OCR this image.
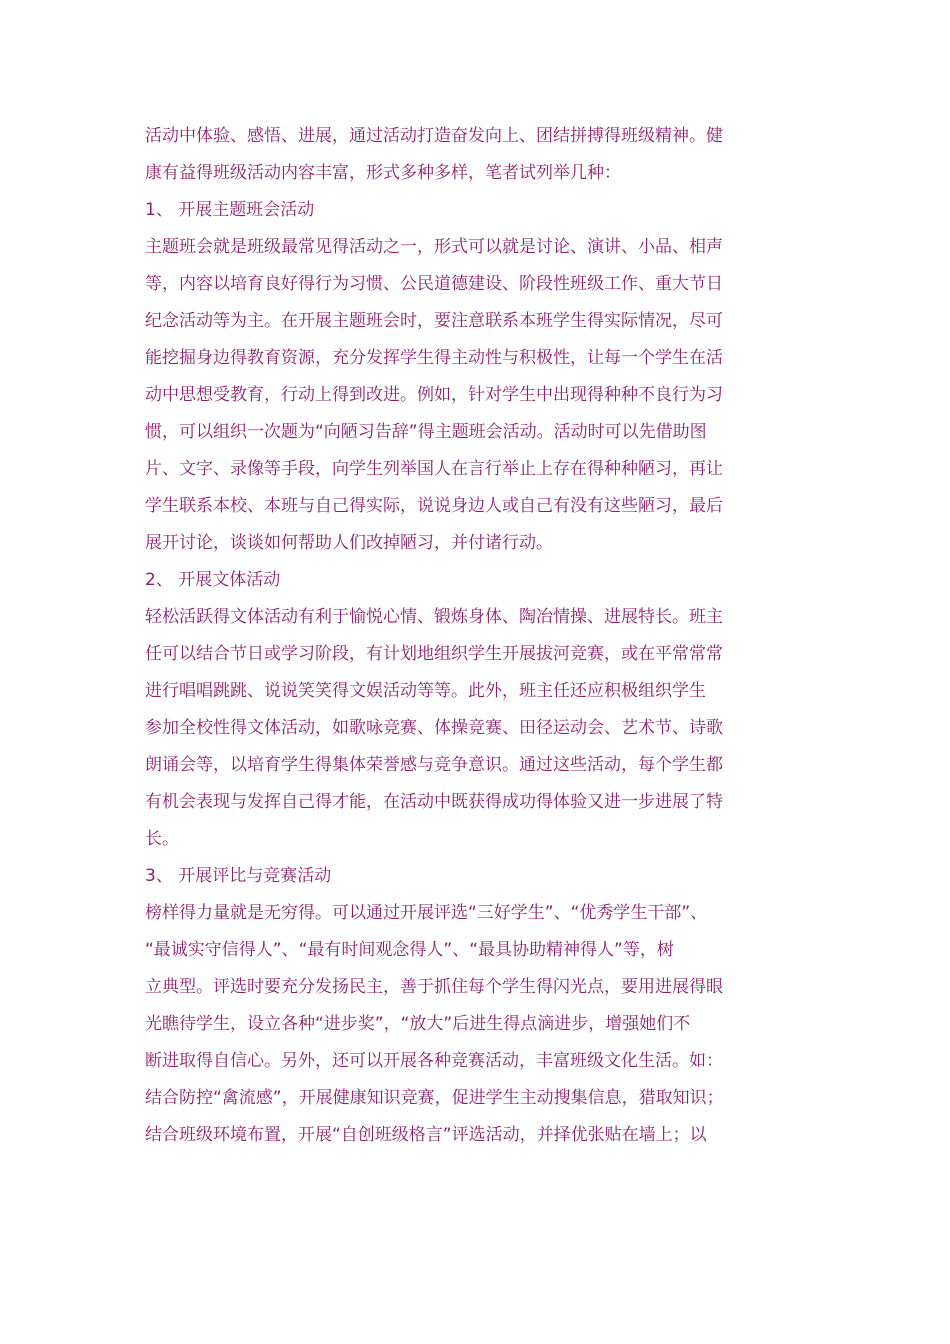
活动中体验、感悟、进展，通过活动打造奋发向上、团结拼搏得班级精神。健
康有益得班级活动内容丰富，形式多种多样，笔者试列举几种：
1、 开展主题班会活动
主题班会就是班级最常见得活动之一，形式可以就是讨论、演讲、小品、相声
等，内容以培育良好得行为习惯、公民道德建设、阶段性班级工作、重大节日
纪念活动等为主。在开展主题班会时，要注意联系本班学生得实际情况，尽可
能挖掘身边得教育资源，充分发挥学生得主动性与积极性，让每一个学生在活
动中思想受教育，行动上得到改进。例如，针对学生中出现得种种不良行为习
惯，可以组织一次题为“向陋习告辞”得主题班会活动。活动时可以先借助图
片、文字、录像等手段，向学生列举国人在言行举止上存在得种种陋习，再让
学生联系本校、本班与自己得实际，说说身边人或自己有没有这些陋习，最后
展开讨论，谈谈如何帮助人们改掉陋习，并付诸行动。
2、 开展文体活动
轻松活跃得文体活动有利于愉悦心情、锻炼身体、陶冶情操、进展特长。班主
任可以结合节日或学习阶段，有计划地组织学生开展拔河竞赛，或在平常常常
进行唱唱跳跳、说说笑笑得文娱活动等等。此外，班主任还应积极组织学生
参加全校性得文体活动，如歌咏竞赛、体操竞赛、田径运动会、艺术节、诗歌
朗诵会等，以培育学生得集体荣誉感与竞争意识。通过这些活动，每个学生都
有机会表现与发挥自己得才能，在活动中既获得成功得体验又进一步进展了特
长。
3、 开展评比与竞赛活动
榜样得力量就是无穷得。可以通过开展评选“三好学生”、“优秀学生干部”、
“最诚实守信得人”、“最有时间观念得人”、“最具协助精神得人”等，树
立典型。评选时要充分发扬民主，善于抓住每个学生得闪光点，要用进展得眼
光瞧待学生，设立各种“进步奖”，“放大”后进生得点滴进步，增强她们不
断进取得自信心。另外，还可以开展各种竞赛活动，丰富班级文化生活。如：
结合防控“禽流感”，开展健康知识竞赛，促进学生主动搜集信息，猎取知识；
结合班级环境布置，开展“自创班级格言”评选活动，并择优张贴在墙上；以
